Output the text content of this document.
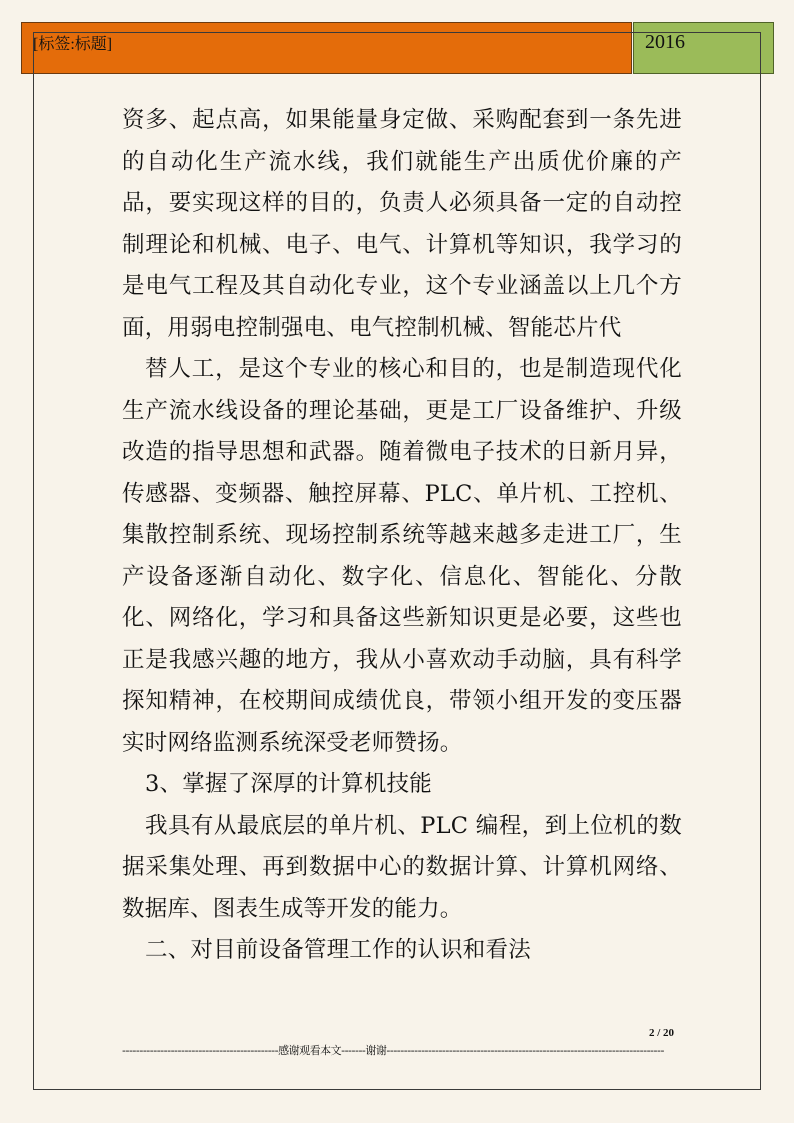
[标签:标题]	2016

资多、起点高，如果能量身定做、采购配套到一条先进的自动化生产流水线，我们就能生产出质优价廉的产品，要实现这样的目的，负责人必须具备一定的自动控制理论和机械、电子、电气、计算机等知识，我学习的是电气工程及其自动化专业，这个专业涵盖以上几个方面，用弱电控制强电、电气控制机械、智能芯片代

替人工，是这个专业的核心和目的，也是制造现代化生产流水线设备的理论基础，更是工厂设备维护、升级改造的指导思想和武器。随着微电子技术的日新月异，传感器、变频器、触控屏幕、PLC、单片机、工控机、集散控制系统、现场控制系统等越来越多走进工厂，生产设备逐渐自动化、数字化、信息化、智能化、分散化、网络化，学习和具备这些新知识更是必要，这些也正是我感兴趣的地方，我从小喜欢动手动脑，具有科学探知精神，在校期间成绩优良，带领小组开发的变压器实时网络监测系统深受老师赞扬。

3、掌握了深厚的计算机技能

我具有从最底层的单片机、PLC 编程，到上位机的数据采集处理、再到数据中心的数据计算、计算机网络、数据库、图表生成等开发的能力。

二、对目前设备管理工作的认识和看法

2 / 20
---------------------------------------------感谢观看本文-------谢谢--------------------------------------------------------------------------------
